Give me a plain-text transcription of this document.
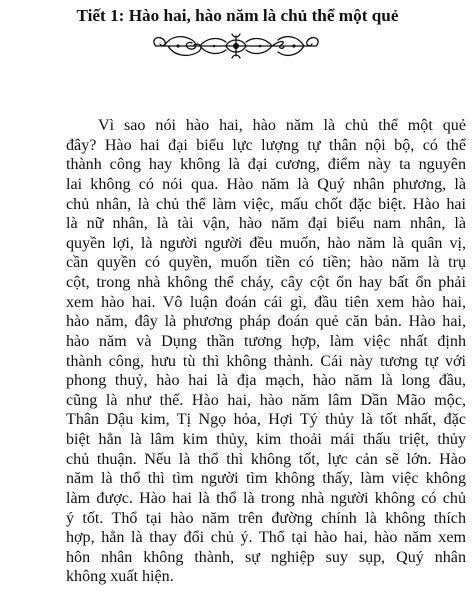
Tiết 1: Hào hai, hào năm là chủ thể một quẻ
Vì sao nói hào hai, hào năm là chủ thể một quẻ
đây? Hào hai đại biểu lực lượng tự thân nội bộ, có thể
thành công hay không là đại cương, điểm này ta nguyên
lai không có nói qua. Hào năm là Quý nhân phương, là
chủ nhân, là chủ thể làm việc, mấu chốt đặc biệt. Hào hai
là nữ nhân, là tài vận, hào năm đại biểu nam nhân, là
quyền lợi, là người người đều muốn, hào năm là quân vị,
cần quyền có quyền, muốn tiền có tiền; hào năm là trụ
cột, trong nhà không thể cháy, cây cột ổn hay bất ổn phải
xem hào hai. Vô luận đoán cái gì, đầu tiên xem hào hai,
hào năm, đây là phương pháp đoán quẻ căn bản. Hào hai,
hào năm và Dụng thần tương hợp, làm việc nhất định
thành công, hưu tù thì không thành. Cái này tương tự với
phong thuỷ, hào hai là địa mạch, hào năm là long đầu,
cũng là như thế. Hào hai, hào năm lâm Dần Mão mộc,
Thân Dậu kim, Tị Ngọ hỏa, Hợi Tý thủy là tốt nhất, đặc
biệt hẳn là lâm kim thủy, kim thoải mái thấu triệt, thủy
chủ thuận. Nếu là thổ thì không tốt, lực cản sẽ lớn. Hào
năm là thổ thì tìm người tìm không thấy, làm việc không
làm được. Hào hai là thổ là trong nhà người không có chủ
ý tốt. Thổ tại hào năm trên đường chính là không thích
hợp, hẳn là thay đổi chủ ý. Thổ tại hào hai, hào năm xem
hôn nhân không thành, sự nghiệp suy sụp, Quý nhân
không xuất hiện.
